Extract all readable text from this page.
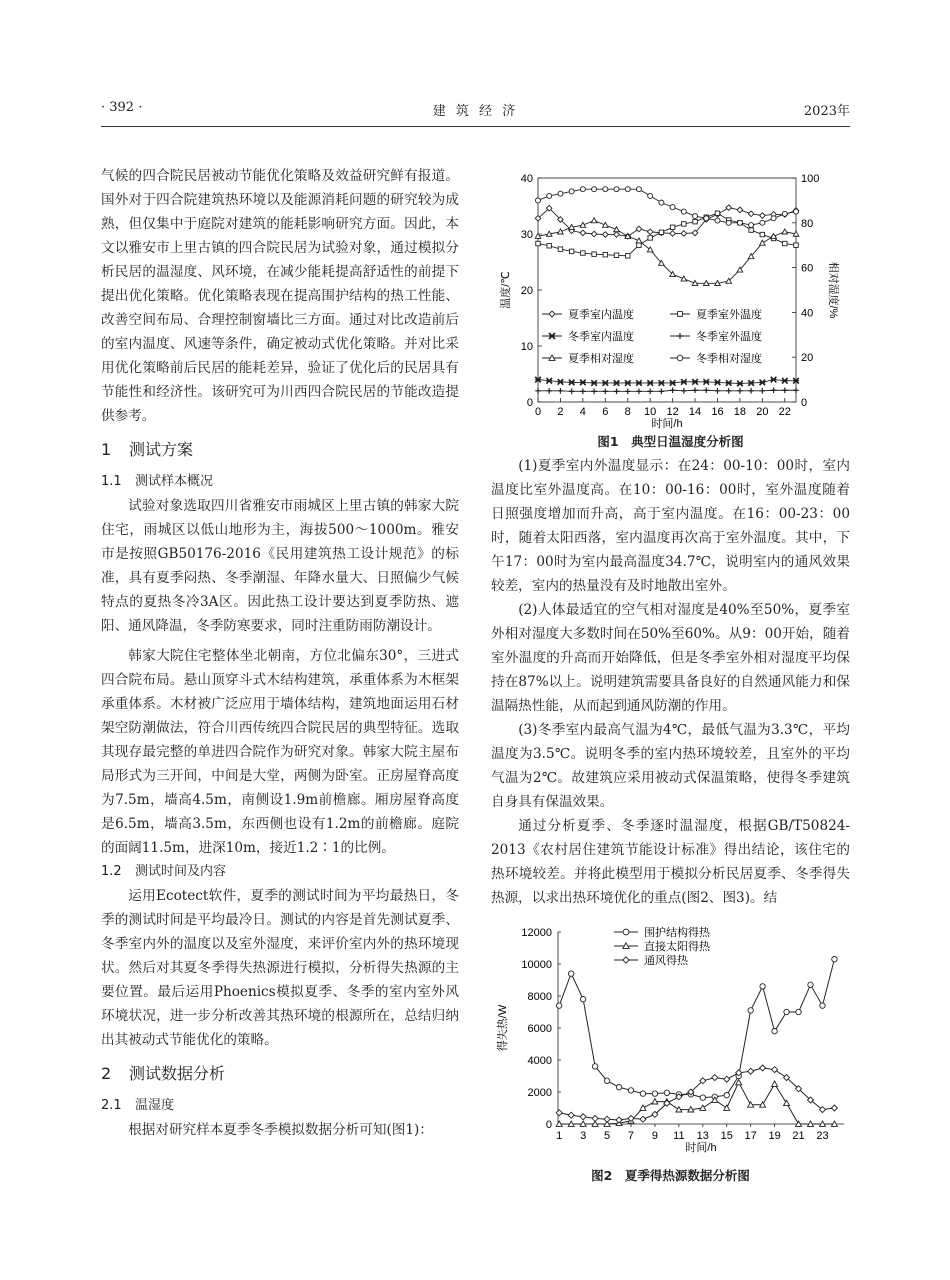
· 392 ·	建 筑 经 济	2023年

气候的四合院民居被动节能优化策略及效益研究鲜有报道。国外对于四合院建筑热环境以及能源消耗问题的研究较为成熟，但仅集中于庭院对建筑的能耗影响研究方面。因此，本文以雅安市上里古镇的四合院民居为试验对象，通过模拟分析民居的温湿度、风环境，在减少能耗提高舒适性的前提下提出优化策略。优化策略表现在提高围护结构的热工性能、改善空间布局、合理控制窗墙比三方面。通过对比改造前后的室内温度、风速等条件，确定被动式优化策略。并对比采用优化策略前后民居的能耗差异，验证了优化后的民居具有节能性和经济性。该研究可为川西四合院民居的节能改造提供参考。

1 测试方案
1.1 测试样本概况

试验对象选取四川省雅安市雨城区上里古镇的韩家大院住宅，雨城区以低山地形为主，海拔500～1000m。雅安市是按照GB50176-2016《民用建筑热工设计规范》的标准，具有夏季闷热、冬季潮湿、年降水量大、日照偏少气候特点的夏热冬冷3A区。因此热工设计要达到夏季防热、遮阳、通风降温，冬季防寒要求，同时注重防雨防潮设计。

韩家大院住宅整体坐北朝南，方位北偏东30°，三进式四合院布局。悬山顶穿斗式木结构建筑，承重体系为木框架承重体系。木材被广泛应用于墙体结构，建筑地面运用石材架空防潮做法，符合川西传统四合院民居的典型特征。选取其现存最完整的单进四合院作为研究对象。韩家大院主屋布局形式为三开间，中间是大堂，两侧为卧室。正房屋脊高度为7.5m，墙高4.5m，南侧设1.9m前檐廊。厢房屋脊高度是6.5m，墙高3.5m，东西侧也设有1.2m的前檐廊。庭院的面阔11.5m，进深10m，接近1.2∶1的比例。

1.2 测试时间及内容

运用Ecotect软件，夏季的测试时间为平均最热日，冬季的测试时间是平均最冷日。测试的内容是首先测试夏季、冬季室内外的温度以及室外湿度，来评价室内外的热环境现状。然后对其夏冬季得失热源进行模拟，分析得失热源的主要位置。最后运用Phoenics模拟夏季、冬季的室内室外风环境状况，进一步分析改善其热环境的根源所在，总结归纳出其被动式节能优化的策略。

2 测试数据分析
2.1 温湿度

根据对研究样本夏季冬季模拟数据分析可知(图1)：

0 2 4 6 8 10 12 14 16 18 20 22
0
10
20
30
40
0
20
40
60
80
100
时间/h
温度/℃	相对湿度/%
夏季室内温度	夏季室外温度
冬季室内温度	冬季室外温度
夏季相对湿度	冬季相对湿度
图1　典型日温湿度分析图

(1)夏季室内外温度显示：在24：00-10：00时，室内温度比室外温度高。在10：00-16：00时，室外温度随着日照强度增加而升高，高于室内温度。在16：00-23：00时，随着太阳西落，室内温度再次高于室外温度。其中，下午17：00时为室内最高温度34.7℃，说明室内的通风效果较差，室内的热量没有及时地散出室外。

(2)人体最适宜的空气相对湿度是40%至50%，夏季室外相对湿度大多数时间在50%至60%。从9：00开始，随着室外温度的升高而开始降低，但是冬季室外相对湿度平均保持在87%以上。说明建筑需要具备良好的自然通风能力和保温隔热性能，从而起到通风防潮的作用。

(3)冬季室内最高气温为4℃，最低气温为3.3℃，平均温度为3.5℃。说明冬季的室内热环境较差，且室外的平均气温为2℃。故建筑应采用被动式保温策略，使得冬季建筑自身具有保温效果。

通过分析夏季、冬季逐时温湿度，根据GB/T50824-2013《农村居住建筑节能设计标准》得出结论，该住宅的热环境较差。并将此模型用于模拟分析民居夏季、冬季得失热源，以求出热环境优化的重点(图2、图3)。结

1 3 5 7 9 11 13 15 17 19 21 23
0
2000
4000
6000
8000
10000
12000
时间/h
得失热/W
围护结构得热
直接太阳得热
通风得热
图2　夏季得热源数据分析图
